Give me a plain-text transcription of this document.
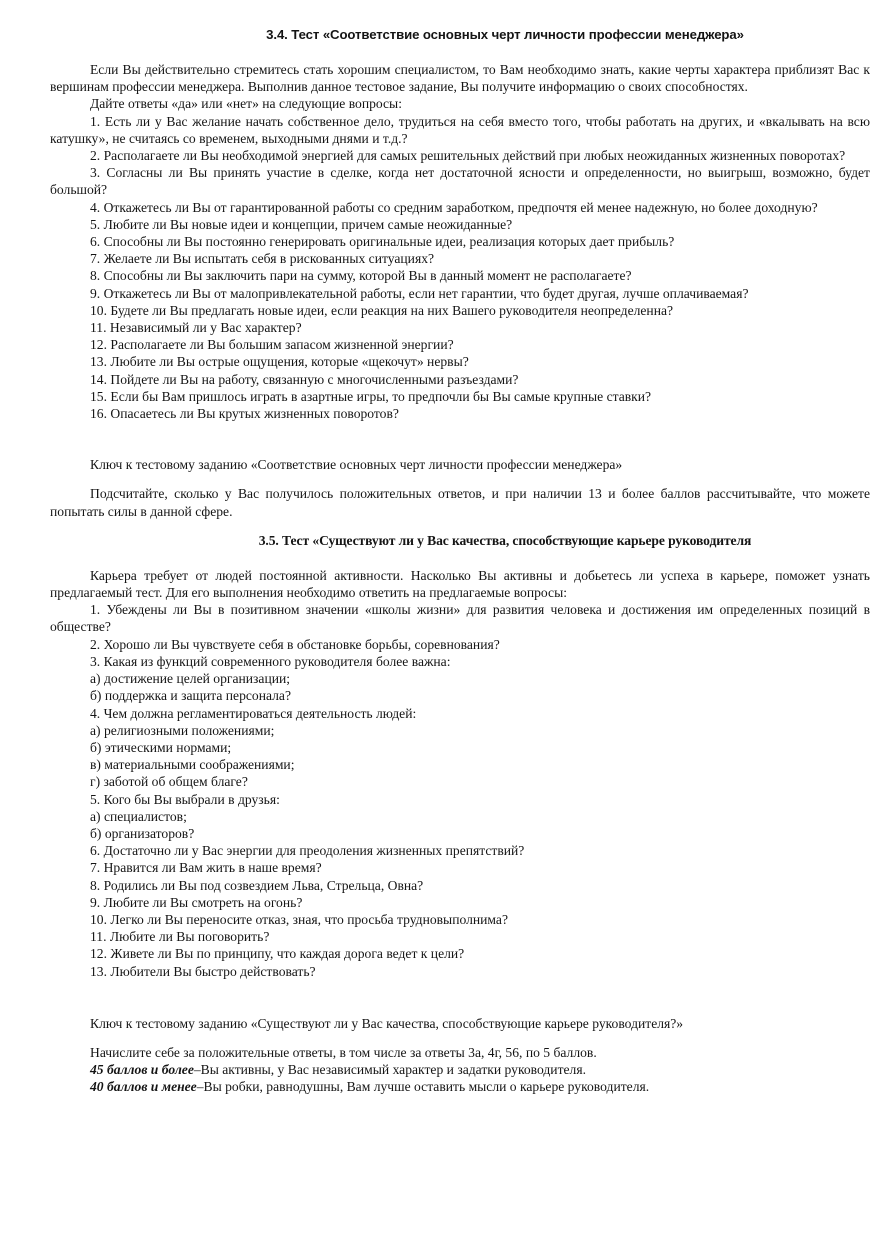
3.4. Тест «Соответствие основных черт личности профессии менеджера»

Если Вы действительно стремитесь стать хорошим специалистом, то Вам необходимо знать, какие черты характера приблизят Вас к вершинам профессии менеджера. Выполнив данное тестовое задание, Вы получите информацию о своих способностях.

Дайте ответы «да» или «нет» на следующие вопросы:

1. Есть ли у Вас желание начать собственное дело, трудиться на себя вместо того, чтобы работать на других, и «вкалывать на всю катушку», не считаясь со временем, выходными днями и т.д.?

2. Располагаете ли Вы необходимой энергией для самых решительных действий при любых неожиданных жизненных поворотах?

3. Согласны ли Вы принять участие в сделке, когда нет достаточной ясности и определенности, но выигрыш, возможно, будет большой?

4. Откажетесь ли Вы от гарантированной работы со средним заработком, предпочтя ей менее надежную, но более доходную?

5. Любите ли Вы новые идеи и концепции, причем самые неожиданные?

6. Способны ли Вы постоянно генерировать оригинальные идеи, реализация которых дает прибыль?

7. Желаете ли Вы испытать себя в рискованных ситуациях?

8. Способны ли Вы заключить пари на сумму, которой Вы в данный момент не располагаете?

9. Откажетесь ли Вы от малопривлекательной работы, если нет гарантии, что будет другая, лучше оплачиваемая?

10. Будете ли Вы предлагать новые идеи, если реакция на них Вашего руководителя неопределенна?

11. Независимый ли у Вас характер?

12. Располагаете ли Вы большим запасом жизненной энергии?

13. Любите ли Вы острые ощущения, которые «щекочут» нервы?

14. Пойдете ли Вы на работу, связанную с многочисленными разъездами?

15. Если бы Вам пришлось играть в азартные игры, то предпочли бы Вы самые крупные ставки?

16. Опасаетесь ли Вы крутых жизненных поворотов?

Ключ к тестовому заданию «Соответствие основных черт личности профессии менеджера»

Подсчитайте, сколько у Вас получилось положительных ответов, и при наличии 13 и более баллов рассчитывайте, что можете попытать силы в данной сфере.

3.5. Тест «Существуют ли у Вас качества, способствующие карьере руководителя

Карьера требует от людей постоянной активности. Насколько Вы активны и добьетесь ли успеха в карьере, поможет узнать предлагаемый тест. Для его выполнения необходимо ответить на предлагаемые вопросы:

1. Убеждены ли Вы в позитивном значении «школы жизни» для развития человека и достижения им определенных позиций в обществе?

2. Хорошо ли Вы чувствуете себя в обстановке борьбы, соревнования?

3. Какая из функций современного руководителя более важна:

а) достижение целей организации;

б) поддержка и защита персонала?

4. Чем должна регламентироваться деятельность людей:

а) религиозными положениями;

б) этическими нормами;

в) материальными соображениями;

г) заботой об общем благе?

5. Кого бы Вы выбрали в друзья:

а) специалистов;

б) организаторов?

6. Достаточно ли у Вас энергии для преодоления жизненных препятствий?

7. Нравится ли Вам жить в наше время?

8. Родились ли Вы под созвездием Льва, Стрельца, Овна?

9. Любите ли Вы смотреть на огонь?

10. Легко ли Вы переносите отказ, зная, что просьба трудновыполнима?

11. Любите ли Вы поговорить?

12. Живете ли Вы по принципу, что каждая дорога ведет к цели?

13. Любители Вы быстро действовать?

Ключ к тестовому заданию «Существуют ли у Вас качества, способствующие карьере руководителя?»

Начислите себе за положительные ответы, в том числе за ответы 3а, 4г, 56, по 5 баллов.

45 баллов и более–Вы активны, у Вас независимый характер и задатки руководителя.

40 баллов и менее–Вы робки, равнодушны, Вам лучше оставить мысли о карьере руководителя.
